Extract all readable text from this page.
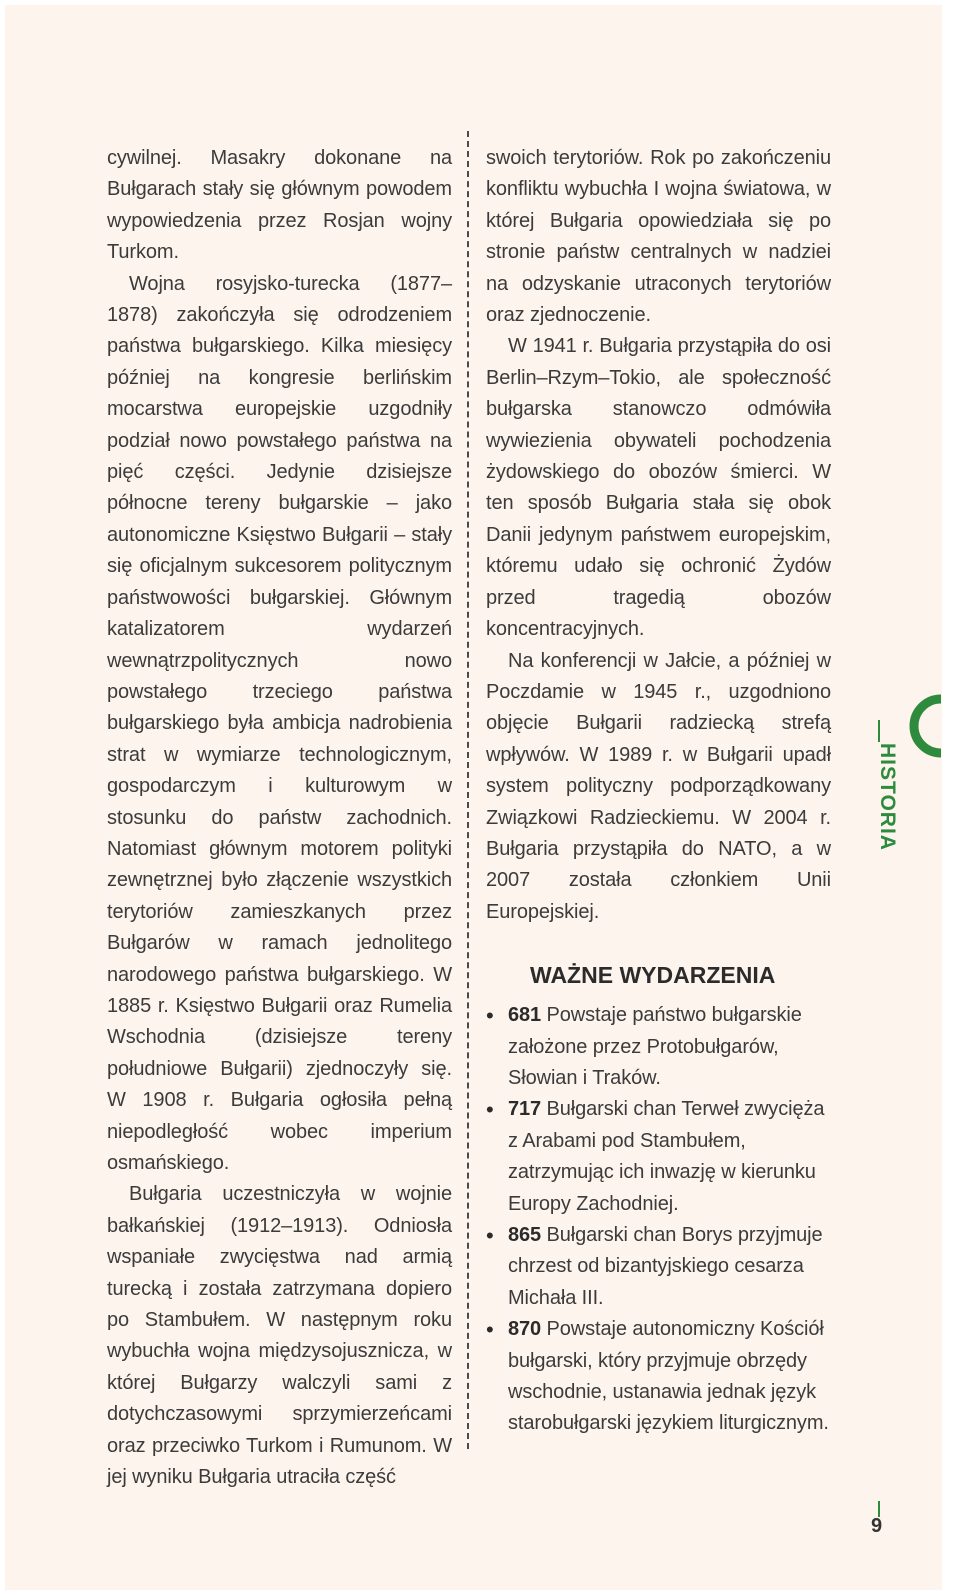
cywilnej. Masakry dokonane na Bułgarach stały się głównym powodem wypowiedzenia przez Rosjan wojny Turkom.

Wojna rosyjsko-turecka (1877–1878) zakończyła się odrodzeniem państwa bułgarskiego. Kilka miesięcy później na kongresie berlińskim mocarstwa europejskie uzgodniły podział nowo powstałego państwa na pięć części. Jedynie dzisiejsze północne tereny bułgarskie – jako autonomiczne Księstwo Bułgarii – stały się oficjalnym sukcesorem politycznym państwowości bułgarskiej. Głównym katalizatorem wydarzeń wewnątrzpolitycznych nowo powstałego trzeciego państwa bułgarskiego była ambicja nadrobienia strat w wymiarze technologicznym, gospodarczym i kulturowym w stosunku do państw zachodnich. Natomiast głównym motorem polityki zewnętrznej było złączenie wszystkich terytoriów zamieszkanych przez Bułgarów w ramach jednolitego narodowego państwa bułgarskiego. W 1885 r. Księstwo Bułgarii oraz Rumelia Wschodnia (dzisiejsze tereny południowe Bułgarii) zjednoczyły się. W 1908 r. Bułgaria ogłosiła pełną niepodległość wobec imperium osmańskiego.

Bułgaria uczestniczyła w wojnie bałkańskiej (1912–1913). Odniosła wspaniałe zwycięstwa nad armią turecką i została zatrzymana dopiero po Stambułem. W następnym roku wybuchła wojna międzysojusznicza, w której Bułgarzy walczyli sami z dotychczasowymi sprzymierzeńcami oraz przeciwko Turkom i Rumunom. W jej wyniku Bułgaria utraciła część

swoich terytoriów. Rok po zakończeniu konfliktu wybuchła I wojna światowa, w której Bułgaria opowiedziała się po stronie państw centralnych w nadziei na odzyskanie utraconych terytoriów oraz zjednoczenie.

W 1941 r. Bułgaria przystąpiła do osi Berlin–Rzym–Tokio, ale społeczność bułgarska stanowczo odmówiła wywiezienia obywateli pochodzenia żydowskiego do obozów śmierci. W ten sposób Bułgaria stała się obok Danii jedynym państwem europejskim, któremu udało się ochronić Żydów przed tragedią obozów koncentracyjnych.

Na konferencji w Jałcie, a później w Poczdamie w 1945 r., uzgodniono objęcie Bułgarii radziecką strefą wpływów. W 1989 r. w Bułgarii upadł system polityczny podporządkowany Związkowi Radzieckiemu. W 2004 r. Bułgaria przystąpiła do NATO, a w 2007 została członkiem Unii Europejskiej.

WAŻNE WYDARZENIA
• 681 Powstaje państwo bułgarskie założone przez Protobułgarów, Słowian i Traków.
• 717 Bułgarski chan Terweł zwycięża z Arabami pod Stambułem, zatrzymując ich inwazję w kierunku Europy Zachodniej.
• 865 Bułgarski chan Borys przyjmuje chrzest od bizantyjskiego cesarza Michała III.
• 870 Powstaje autonomiczny Kościół bułgarski, który przyjmuje obrzędy wschodnie, ustanawia jednak język starobułgarski językiem liturgicznym.
HISTORIA
9
